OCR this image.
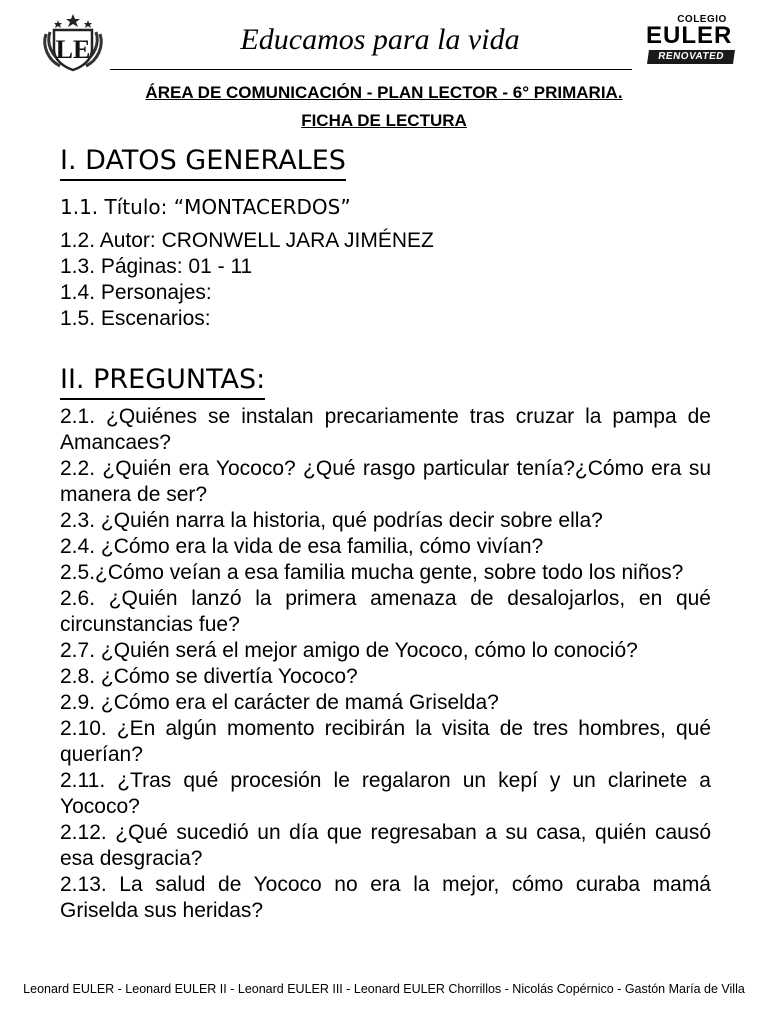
LE	Educamos para la vida
COLEGIO
EULER
RENOVATED
ÁREA DE COMUNICACIÓN - PLAN LECTOR - 6° PRIMARIA.
FICHA DE LECTURA
I. DATOS GENERALES
1.1. Título: “MONTACERDOS”
1.2. Autor: CRONWELL JARA JIMÉNEZ
1.3. Páginas: 01 - 11
1.4. Personajes:
1.5. Escenarios:
II. PREGUNTAS:
2.1. ¿Quiénes se instalan precariamente tras cruzar la pampa de Amancaes?
2.2. ¿Quién era Yococo? ¿Qué rasgo particular tenía?¿Cómo era su manera de ser?
2.3. ¿Quién narra la historia, qué podrías decir sobre ella?
2.4. ¿Cómo era la vida de esa familia, cómo vivían?
2.5.¿Cómo veían a esa familia mucha gente, sobre todo los niños?
2.6. ¿Quién lanzó la primera amenaza de desalojarlos, en qué circunstancias fue?
2.7. ¿Quién será el mejor amigo de Yococo, cómo lo conoció?
2.8. ¿Cómo se divertía Yococo?
2.9. ¿Cómo era el carácter de mamá Griselda?
2.10. ¿En algún momento recibirán la visita de tres hombres, qué querían?
2.11. ¿Tras qué procesión le regalaron un kepí y un clarinete a Yococo?
2.12. ¿Qué sucedió un día que regresaban a su casa, quién causó esa desgracia?
2.13. La salud de Yococo no era la mejor, cómo curaba mamá Griselda sus heridas?
Leonard EULER - Leonard EULER II - Leonard EULER III - Leonard EULER Chorrillos - Nicolás Copérnico - Gastón María de Villa
